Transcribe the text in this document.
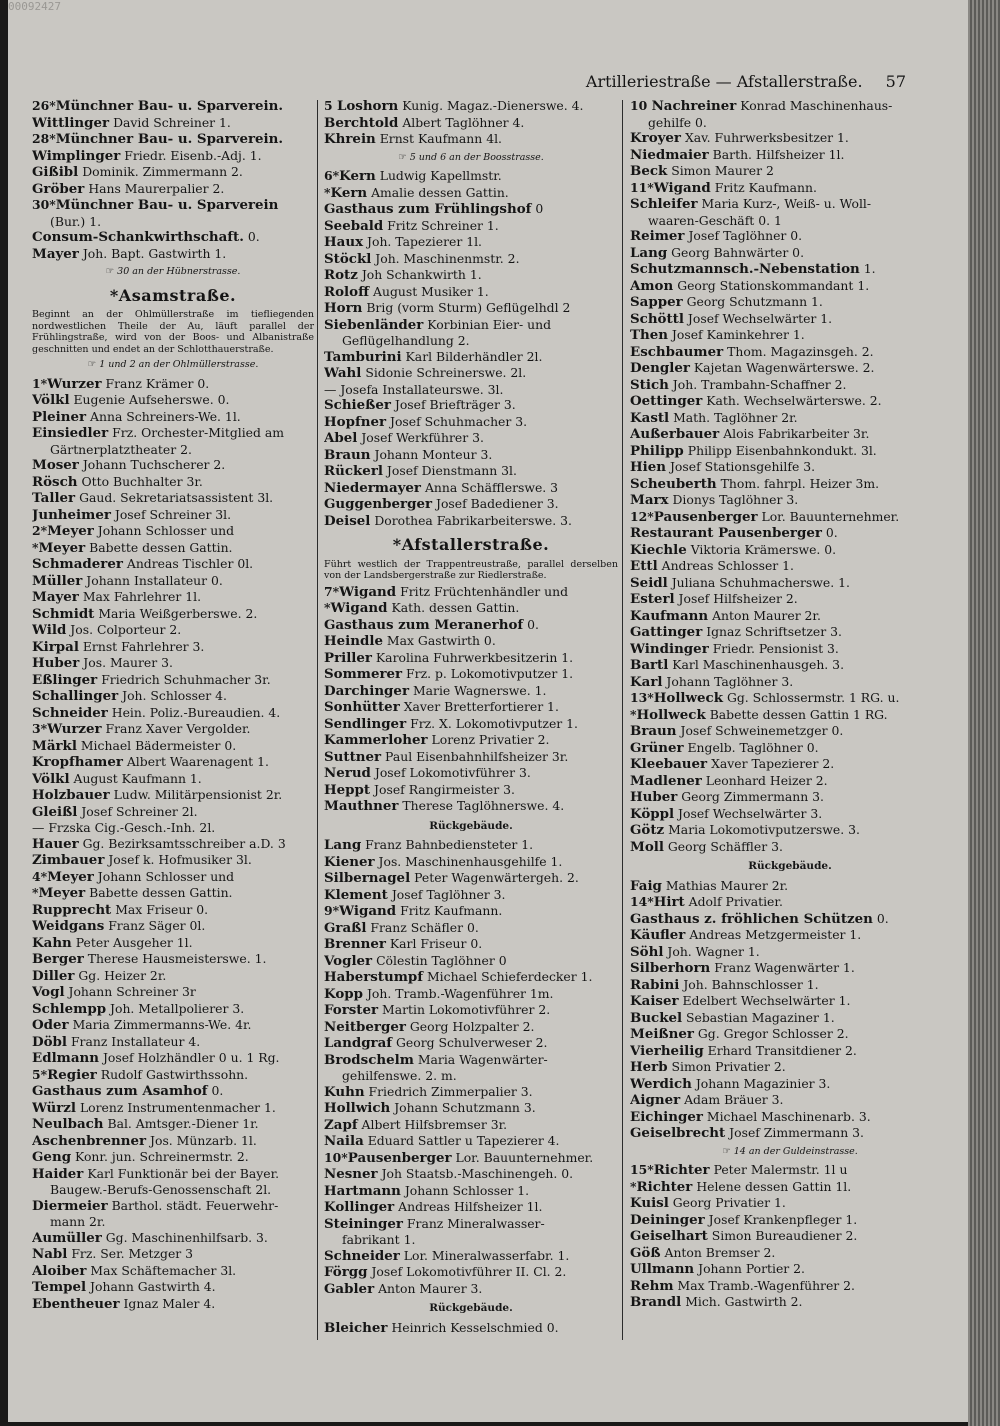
00092427
Artilleriestraße — Afstallerstraße. 57
26*Münchner Bau- u. Sparverein.
Wittlinger David Schreiner 1.
28*Münchner Bau- u. Sparverein.
Wimplinger Friedr. Eisenb.-Adj. 1.
Gißibl Dominik. Zimmermann 2.
Gröber Hans Maurerpalier 2.
30*Münchner Bau- u. Sparverein
(Bur.) 1.
Consum-Schankwirthschaft. 0.
Mayer Joh. Bapt. Gastwirth 1.
☞ 30 an der Hübnerstrasse.
*Asamstraße.
Beginnt an der Ohlmüllerstraße im tiefliegenden nordwestlichen Theile der Au, läuft parallel der Frühlingstraße, wird von der Boos- und Albanistraße geschnitten und endet an der Schlotthauerstraße.
☞ 1 und 2 an der Ohlmüllerstrasse.
1*Wurzer Franz Krämer 0.
Völkl Eugenie Aufseherswe. 0.
Pleiner Anna Schreiners-We. 1l.
Einsiedler Frz. Orchester-Mitglied am
Gärtnerplatztheater 2.
Moser Johann Tuchscherer 2.
Rösch Otto Buchhalter 3r.
Taller Gaud. Sekretariatsassistent 3l.
Junheimer Josef Schreiner 3l.
2*Meyer Johann Schlosser und
*Meyer Babette dessen Gattin.
Schmaderer Andreas Tischler 0l.
Müller Johann Installateur 0.
Mayer Max Fahrlehrer 1l.
Schmidt Maria Weißgerberswe. 2.
Wild Jos. Colporteur 2.
Kirpal Ernst Fahrlehrer 3.
Huber Jos. Maurer 3.
Eßlinger Friedrich Schuhmacher 3r.
Schallinger Joh. Schlosser 4.
Schneider Hein. Poliz.-Bureaudien. 4.
3*Wurzer Franz Xaver Vergolder.
Märkl Michael Bädermeister 0.
Kropfhamer Albert Waarenagent 1.
Völkl August Kaufmann 1.
Holzbauer Ludw. Militärpensionist 2r.
Gleißl Josef Schreiner 2l.
— Frzska Cig.-Gesch.-Inh. 2l.
Hauer Gg. Bezirksamtsschreiber a.D. 3
Zimbauer Josef k. Hofmusiker 3l.
4*Meyer Johann Schlosser und
*Meyer Babette dessen Gattin.
Rupprecht Max Friseur 0.
Weidgans Franz Säger 0l.
Kahn Peter Ausgeher 1l.
Berger Therese Hausmeisterswe. 1.
Diller Gg. Heizer 2r.
Vogl Johann Schreiner 3r
Schlempp Joh. Metallpolierer 3.
Oder Maria Zimmermanns-We. 4r.
Döbl Franz Installateur 4.
Edlmann Josef Holzhändler 0 u. 1 Rg.
5*Regier Rudolf Gastwirthssohn.
Gasthaus zum Asamhof 0.
Würzl Lorenz Instrumentenmacher 1.
Neulbach Bal. Amtsger.-Diener 1r.
Aschenbrenner Jos. Münzarb. 1l.
Geng Konr. jun. Schreinermstr. 2.
Haider Karl Funktionär bei der Bayer.
Baugew.-Berufs-Genossenschaft 2l.
Diermeier Barthol. städt. Feuerwehr-
mann 2r.
Aumüller Gg. Maschinenhilfsarb. 3.
Nabl Frz. Ser. Metzger 3
Aloiber Max Schäftemacher 3l.
Tempel Johann Gastwirth 4.
Ebentheuer Ignaz Maler 4.
5 Loshorn Kunig. Magaz.-Dienerswe. 4.
Berchtold Albert Taglöhner 4.
Khrein Ernst Kaufmann 4l.
☞ 5 und 6 an der Boosstrasse.
6*Kern Ludwig Kapellmstr.
*Kern Amalie dessen Gattin.
Gasthaus zum Frühlingshof 0
Seebald Fritz Schreiner 1.
Haux Joh. Tapezierer 1l.
Stöckl Joh. Maschinenmstr. 2.
Rotz Joh Schankwirth 1.
Roloff August Musiker 1.
Horn Brig (vorm Sturm) Geflügelhdl 2
Siebenländer Korbinian Eier- und
Geflügelhandlung 2.
Tamburini Karl Bilderhändler 2l.
Wahl Sidonie Schreinerswe. 2l.
— Josefa Installateurswe. 3l.
Schießer Josef Briefträger 3.
Hopfner Josef Schuhmacher 3.
Abel Josef Werkführer 3.
Braun Johann Monteur 3.
Rückerl Josef Dienstmann 3l.
Niedermayer Anna Schäfflerswe. 3
Guggenberger Josef Badediener 3.
Deisel Dorothea Fabrikarbeiterswe. 3.
*Afstallerstraße.
Führt westlich der Trappentreustraße, parallel derselben von der Landsbergerstraße zur Riedlerstraße.
7*Wigand Fritz Früchtenhändler und
*Wigand Kath. dessen Gattin.
Gasthaus zum Meranerhof 0.
Heindle Max Gastwirth 0.
Priller Karolina Fuhrwerkbesitzerin 1.
Sommerer Frz. p. Lokomotivputzer 1.
Darchinger Marie Wagnerswe. 1.
Sonhütter Xaver Bretterfortierer 1.
Sendlinger Frz. X. Lokomotivputzer 1.
Kammerloher Lorenz Privatier 2.
Suttner Paul Eisenbahnhilfsheizer 3r.
Nerud Josef Lokomotivführer 3.
Heppt Josef Rangirmeister 3.
Mauthner Therese Taglöhnerswe. 4.
Rückgebäude.
Lang Franz Bahnbediensteter 1.
Kiener Jos. Maschinenhausgehilfe 1.
Silbernagel Peter Wagenwärtergeh. 2.
Klement Josef Taglöhner 3.
9*Wigand Fritz Kaufmann.
Graßl Franz Schäfler 0.
Brenner Karl Friseur 0.
Vogler Cölestin Taglöhner 0
Haberstumpf Michael Schieferdecker 1.
Kopp Joh. Tramb.-Wagenführer 1m.
Forster Martin Lokomotivführer 2.
Neitberger Georg Holzpalter 2.
Landgraf Georg Schulverweser 2.
Brodschelm Maria Wagenwärter-
gehilfenswe. 2. m.
Kuhn Friedrich Zimmerpalier 3.
Hollwich Johann Schutzmann 3.
Zapf Albert Hilfsbremser 3r.
Naila Eduard Sattler u Tapezierer 4.
10*Pausenberger Lor. Bauunternehmer.
Nesner Joh Staatsb.-Maschinengeh. 0.
Hartmann Johann Schlosser 1.
Kollinger Andreas Hilfsheizer 1l.
Steininger Franz Mineralwasser-
fabrikant 1.
Schneider Lor. Mineralwasserfabr. 1.
Förgg Josef Lokomotivführer II. Cl. 2.
Gabler Anton Maurer 3.
Rückgebäude.
Bleicher Heinrich Kesselschmied 0.
10 Nachreiner Konrad Maschinenhaus-
gehilfe 0.
Kroyer Xav. Fuhrwerksbesitzer 1.
Niedmaier Barth. Hilfsheizer 1l.
Beck Simon Maurer 2
11*Wigand Fritz Kaufmann.
Schleifer Maria Kurz-, Weiß- u. Woll-
waaren-Geschäft 0. 1
Reimer Josef Taglöhner 0.
Lang Georg Bahnwärter 0.
Schutzmannsch.-Nebenstation 1.
Amon Georg Stationskommandant 1.
Sapper Georg Schutzmann 1.
Schöttl Josef Wechselwärter 1.
Then Josef Kaminkehrer 1.
Eschbaumer Thom. Magazinsgeh. 2.
Dengler Kajetan Wagenwärterswe. 2.
Stich Joh. Trambahn-Schaffner 2.
Oettinger Kath. Wechselwärterswe. 2.
Kastl Math. Taglöhner 2r.
Außerbauer Alois Fabrikarbeiter 3r.
Philipp Philipp Eisenbahnkondukt. 3l.
Hien Josef Stationsgehilfe 3.
Scheuberth Thom. fahrpl. Heizer 3m.
Marx Dionys Taglöhner 3.
12*Pausenberger Lor. Bauunternehmer.
Restaurant Pausenberger 0.
Kiechle Viktoria Krämerswe. 0.
Ettl Andreas Schlosser 1.
Seidl Juliana Schuhmacherswe. 1.
Esterl Josef Hilfsheizer 2.
Kaufmann Anton Maurer 2r.
Gattinger Ignaz Schriftsetzer 3.
Windinger Friedr. Pensionist 3.
Bartl Karl Maschinenhausgeh. 3.
Karl Johann Taglöhner 3.
13*Hollweck Gg. Schlossermstr. 1 RG. u.
*Hollweck Babette dessen Gattin 1 RG.
Braun Josef Schweinemetzger 0.
Grüner Engelb. Taglöhner 0.
Kleebauer Xaver Tapezierer 2.
Madlener Leonhard Heizer 2.
Huber Georg Zimmermann 3.
Köppl Josef Wechselwärter 3.
Götz Maria Lokomotivputzerswe. 3.
Moll Georg Schäffler 3.
Rückgebäude.
Faig Mathias Maurer 2r.
14*Hirt Adolf Privatier.
Gasthaus z. fröhlichen Schützen 0.
Käufler Andreas Metzgermeister 1.
Söhl Joh. Wagner 1.
Silberhorn Franz Wagenwärter 1.
Rabini Joh. Bahnschlosser 1.
Kaiser Edelbert Wechselwärter 1.
Buckel Sebastian Magaziner 1.
Meißner Gg. Gregor Schlosser 2.
Vierheilig Erhard Transitdiener 2.
Herb Simon Privatier 2.
Werdich Johann Magazinier 3.
Aigner Adam Bräuer 3.
Eichinger Michael Maschinenarb. 3.
Geiselbrecht Josef Zimmermann 3.
☞ 14 an der Guldeinstrasse.
15*Richter Peter Malermstr. 1l u
*Richter Helene dessen Gattin 1l.
Kuisl Georg Privatier 1.
Deininger Josef Krankenpfleger 1.
Geiselhart Simon Bureaudiener 2.
Göß Anton Bremser 2.
Ullmann Johann Portier 2.
Rehm Max Tramb.-Wagenführer 2.
Brandl Mich. Gastwirth 2.
